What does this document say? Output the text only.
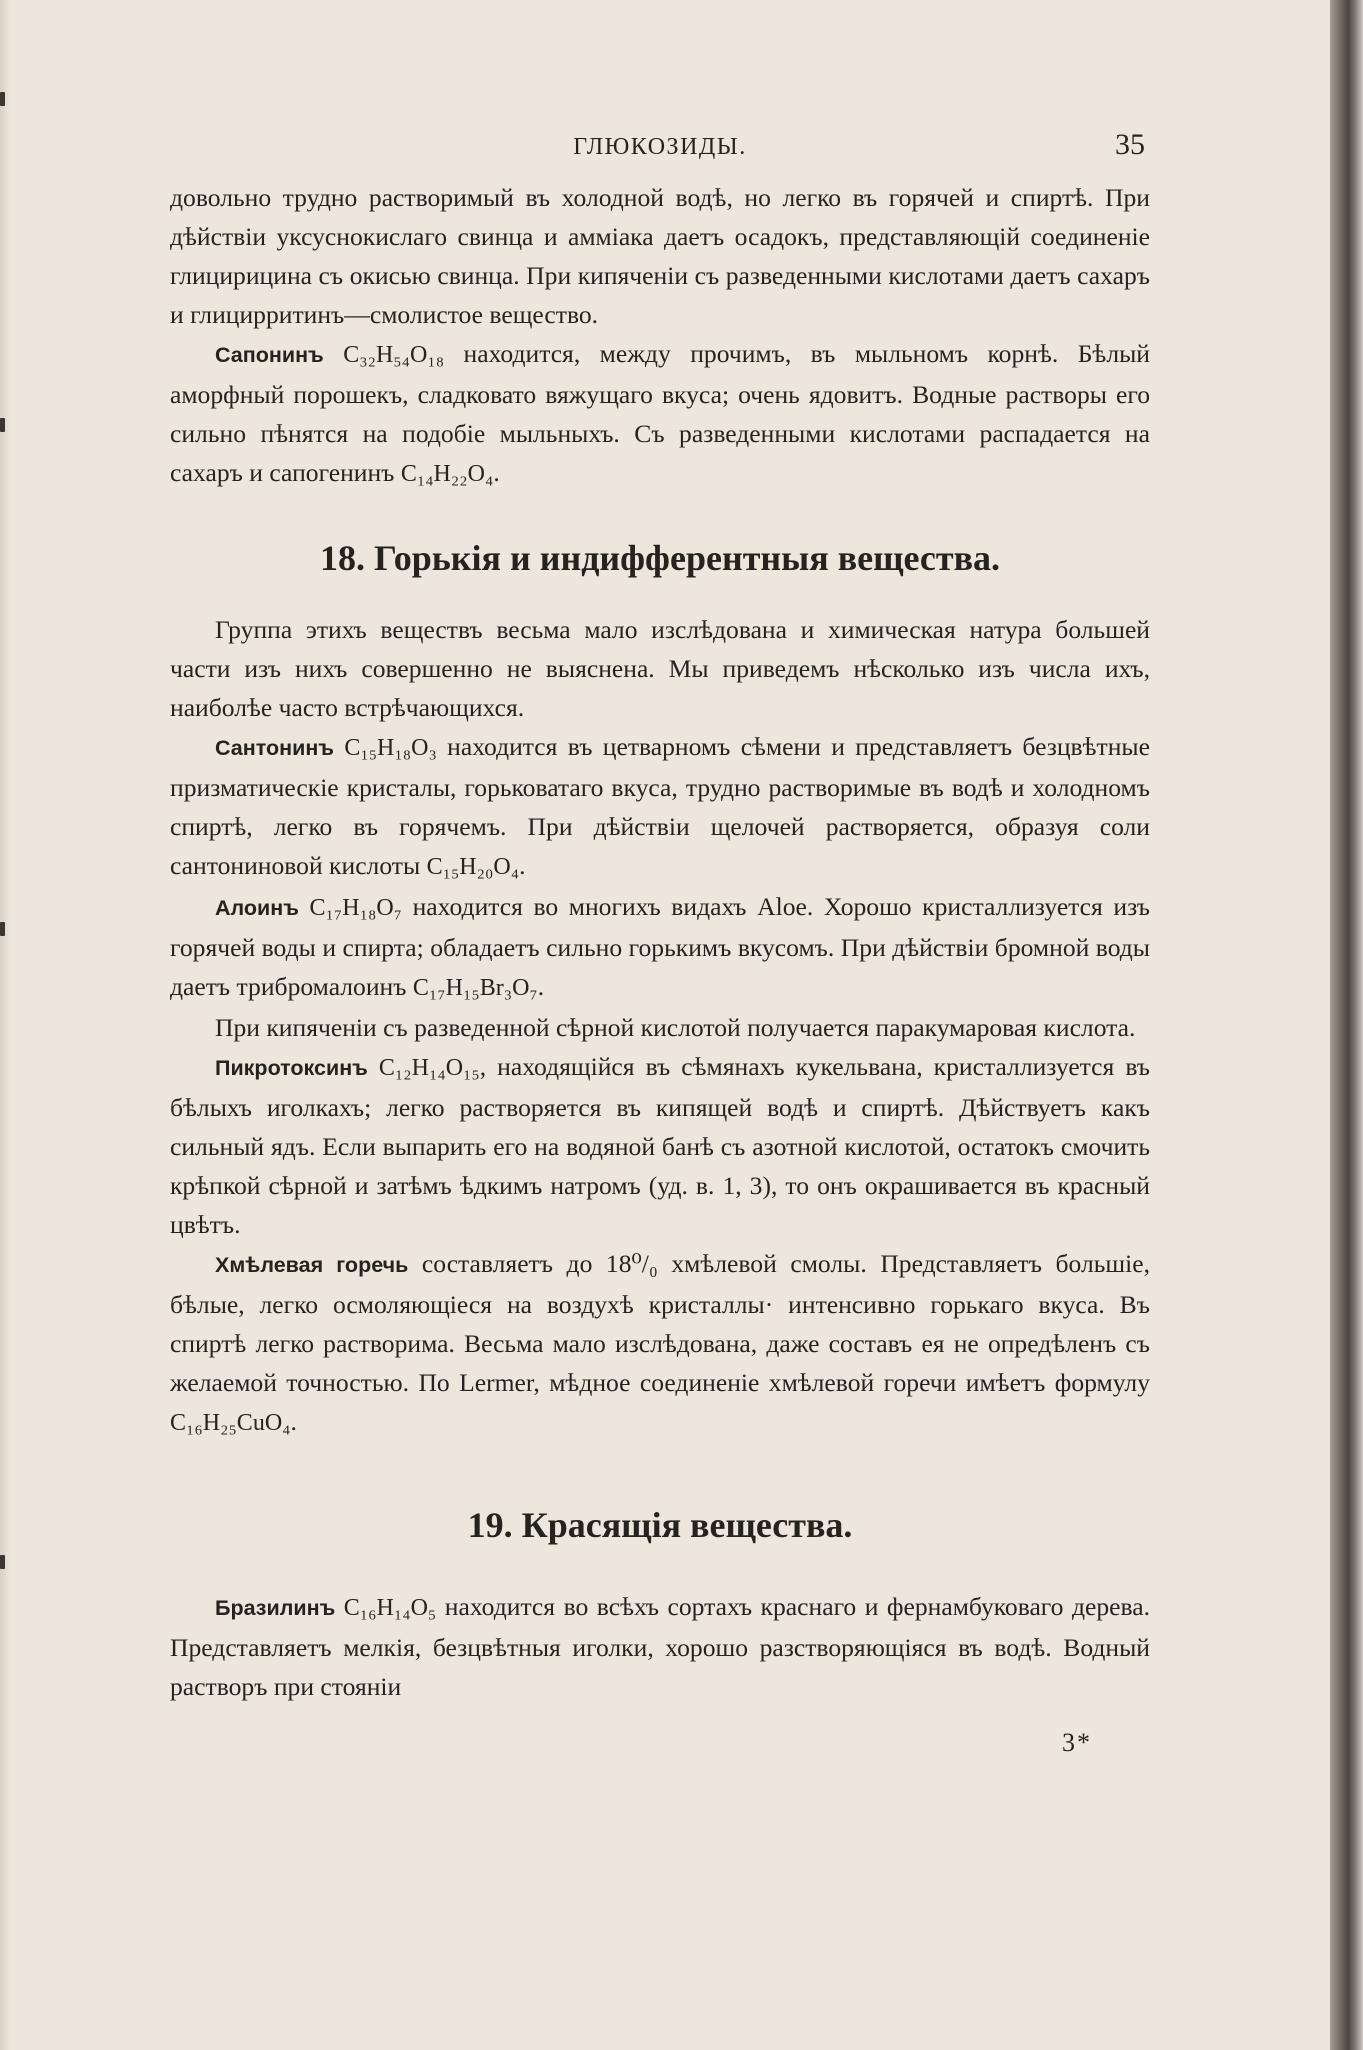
ГЛЮКОЗИДЫ.	35

довольно трудно растворимый въ холодной водѣ, но легко въ горячей и спиртѣ. При дѣйствіи уксуснокислаго свинца и амміака даетъ осадокъ, представляющій соединеніе глицирицина съ окисью свинца. При кипяченіи съ разведенными кислотами даетъ сахаръ и глицирритинъ—смолистое вещество.

Сапонинъ C₃₂H₅₄O₁₈ находится, между прочимъ, въ мыльномъ корнѣ. Бѣлый аморфный порошекъ, сладковато вяжущаго вкуса; очень ядовитъ. Водные растворы его сильно пѣнятся на подобіе мыльныхъ. Съ разведенными кислотами распадается на сахаръ и сапогенинъ C₁₄H₂₂O₄.

18. Горькія и индифферентныя вещества.

Группа этихъ веществъ весьма мало изслѣдована и химическая натура большей части изъ нихъ совершенно не выяснена. Мы приведемъ нѣсколько изъ числа ихъ, наиболѣе часто встрѣчающихся.

Сантонинъ C₁₅H₁₈O₃ находится въ цетварномъ сѣмени и представляетъ безцвѣтные призматическіе кристалы, горьковатаго вкуса, трудно растворимые въ водѣ и холодномъ спиртѣ, легко въ горячемъ. При дѣйствіи щелочей растворяется, образуя соли сантониновой кислоты C₁₅H₂₀O₄.

Алоинъ C₁₇H₁₈O₇ находится во многихъ видахъ Aloe. Хорошо кристаллизуется изъ горячей воды и спирта; обладаетъ сильно горькимъ вкусомъ. При дѣйствіи бромной воды даетъ трибромалоинъ C₁₇H₁₅Br₃O₇.

При кипяченіи съ разведенной сѣрной кислотой получается паракумаровая кислота.

Пикротоксинъ C₁₂H₁₄O₁₅, находящійся въ сѣмянахъ кукельвана, кристаллизуется въ бѣлыхъ иголкахъ; легко растворяется въ кипящей водѣ и спиртѣ. Дѣйствуетъ какъ сильный ядъ. Если выпарить его на водяной банѣ съ азотной кислотой, остатокъ смочить крѣпкой сѣрной и затѣмъ ѣдкимъ натромъ (уд. в. 1, 3), то онъ окрашивается въ красный цвѣтъ.

Хмѣлевая горечь составляетъ до 18⁰/₀ хмѣлевой смолы. Представляетъ большіе, бѣлые, легко осмоляющіеся на воздухѣ кристаллы· интенсивно горькаго вкуса. Въ спиртѣ легко растворима. Весьма мало изслѣдована, даже составъ ея не опредѣленъ съ желаемой точностью. По Lermer, мѣдное соединеніе хмѣлевой горечи имѣетъ формулу C₁₆H₂₅CuO₄.

19. Красящія вещества.

Бразилинъ C₁₆H₁₄O₅ находится во всѣхъ сортахъ краснаго и фернамбуковаго дерева. Представляетъ мелкія, безцвѣтныя иголки, хорошо разстворяющіяся въ водѣ. Водный растворъ при стояніи

3*
